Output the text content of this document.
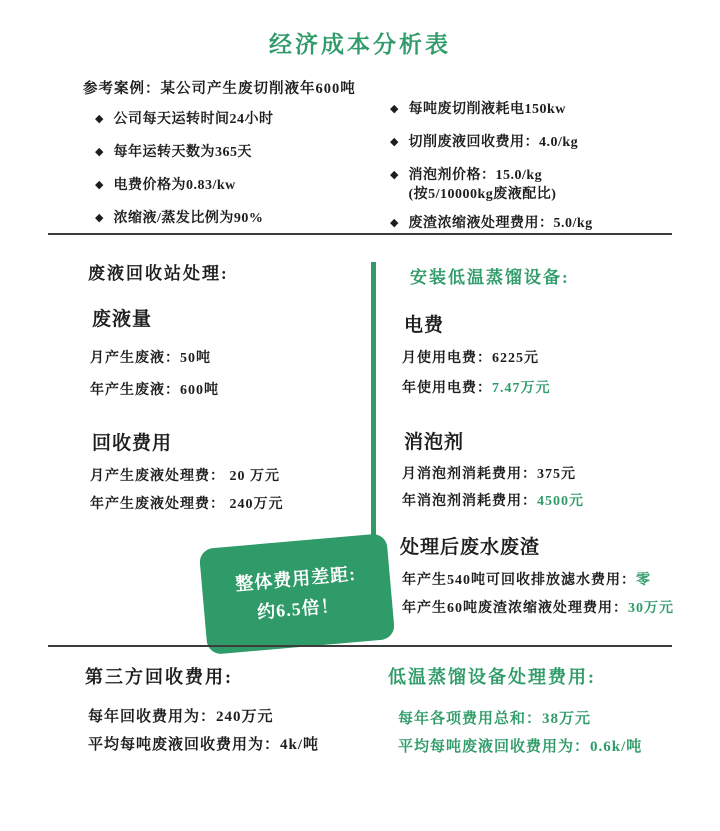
经济成本分析表
参考案例：某公司产生废切削液年600吨
◆ 公司每天运转时间24小时
◆ 每年运转天数为365天
◆ 电费价格为0.83/kw
◆ 浓缩液/蒸发比例为90%
◆ 每吨废切削液耗电150kw
◆ 切削废液回收费用：4.0/kg
◆ 消泡剂价格：15.0/kg
(按5/10000kg废液配比)
◆ 废渣浓缩液处理费用：5.0/kg
废液回收站处理:
废液量
月产生废液：50吨
年产生废液：600吨
回收费用
月产生废液处理费： 20 万元
年产生废液处理费： 240万元
安装低温蒸馏设备:
电费
月使用电费：6225元
年使用电费：7.47万元
消泡剂
月消泡剂消耗费用：375元
年消泡剂消耗费用：4500元
处理后废水废渣
年产生540吨可回收排放滤水费用：零
年产生60吨废渣浓缩液处理费用：30万元
整体费用差距:
约6.5倍！
第三方回收费用:
每年回收费用为：240万元
平均每吨废液回收费用为：4k/吨
低温蒸馏设备处理费用:
每年各项费用总和：38万元
平均每吨废液回收费用为：0.6k/吨
